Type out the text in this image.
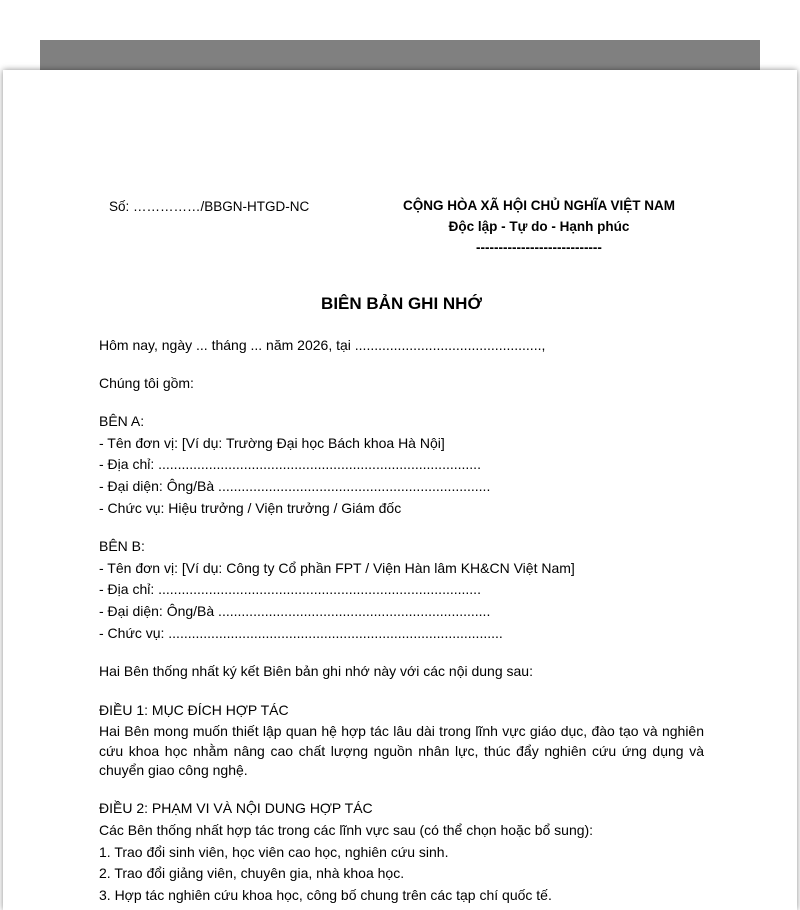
Số: ……………/BBGN-HTGD-NC	CỘNG HÒA XÃ HỘI CHỦ NGHĨA VIỆT NAM
Độc lập - Tự do - Hạnh phúc
----------------------------
BIÊN BẢN GHI NHỚ
Hôm nay, ngày ... tháng ... năm 2026, tại ................................................,
Chúng tôi gồm:
BÊN A:
- Tên đơn vị: [Ví dụ: Trường Đại học Bách khoa Hà Nội]
- Địa chỉ: ...................................................................................
- Đại diện: Ông/Bà ......................................................................
- Chức vụ: Hiệu trưởng / Viện trưởng / Giám đốc
BÊN B:
- Tên đơn vị: [Ví dụ: Công ty Cổ phần FPT / Viện Hàn lâm KH&CN Việt Nam]
- Địa chỉ: ...................................................................................
- Đại diện: Ông/Bà ......................................................................
- Chức vụ: ......................................................................................
Hai Bên thống nhất ký kết Biên bản ghi nhớ này với các nội dung sau:
ĐIỀU 1: MỤC ĐÍCH HỢP TÁC
Hai Bên mong muốn thiết lập quan hệ hợp tác lâu dài trong lĩnh vực giáo dục, đào tạo và nghiên cứu khoa học nhằm nâng cao chất lượng nguồn nhân lực, thúc đẩy nghiên cứu ứng dụng và chuyển giao công nghệ.
ĐIỀU 2: PHẠM VI VÀ NỘI DUNG HỢP TÁC
Các Bên thống nhất hợp tác trong các lĩnh vực sau (có thể chọn hoặc bổ sung):
1. Trao đổi sinh viên, học viên cao học, nghiên cứu sinh.
2. Trao đổi giảng viên, chuyên gia, nhà khoa học.
3. Hợp tác nghiên cứu khoa học, công bố chung trên các tạp chí quốc tế.
